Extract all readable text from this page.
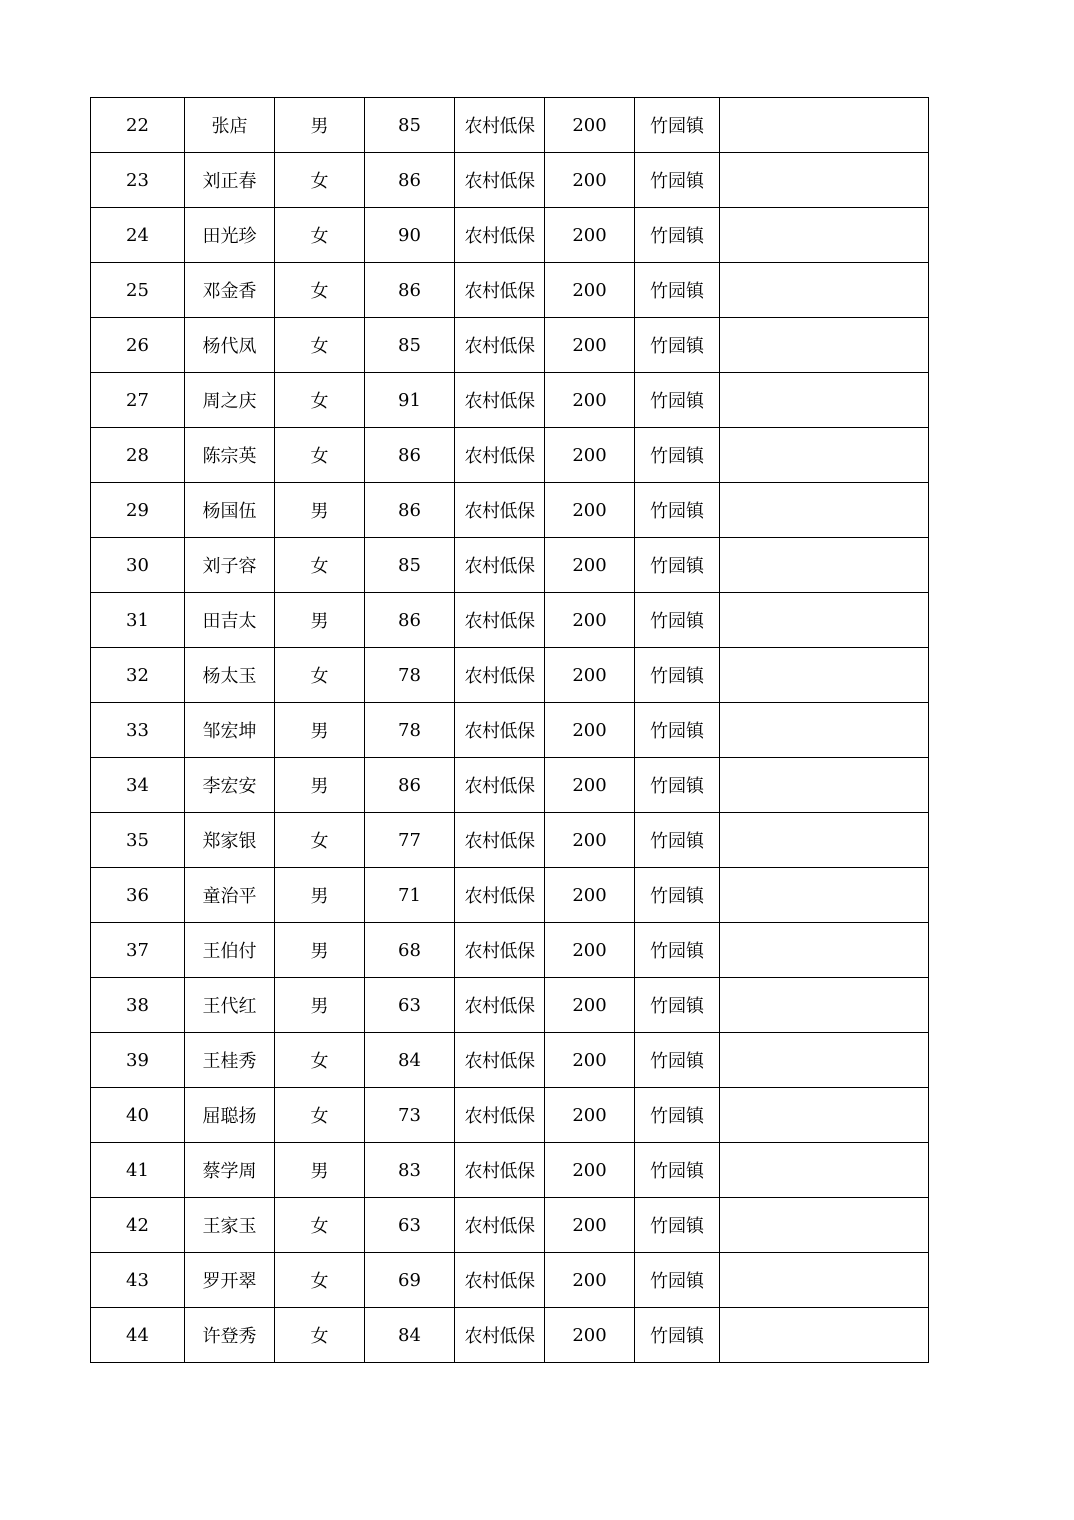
22	张店	男	85	农村低保	200	竹园镇	
23	刘正春	女	86	农村低保	200	竹园镇	
24	田光珍	女	90	农村低保	200	竹园镇	
25	邓金香	女	86	农村低保	200	竹园镇	
26	杨代凤	女	85	农村低保	200	竹园镇	
27	周之庆	女	91	农村低保	200	竹园镇	
28	陈宗英	女	86	农村低保	200	竹园镇	
29	杨国伍	男	86	农村低保	200	竹园镇	
30	刘子容	女	85	农村低保	200	竹园镇	
31	田吉太	男	86	农村低保	200	竹园镇	
32	杨太玉	女	78	农村低保	200	竹园镇	
33	邹宏坤	男	78	农村低保	200	竹园镇	
34	李宏安	男	86	农村低保	200	竹园镇	
35	郑家银	女	77	农村低保	200	竹园镇	
36	童治平	男	71	农村低保	200	竹园镇	
37	王伯付	男	68	农村低保	200	竹园镇	
38	王代红	男	63	农村低保	200	竹园镇	
39	王桂秀	女	84	农村低保	200	竹园镇	
40	屈聪扬	女	73	农村低保	200	竹园镇	
41	蔡学周	男	83	农村低保	200	竹园镇	
42	王家玉	女	63	农村低保	200	竹园镇	
43	罗开翠	女	69	农村低保	200	竹园镇	
44	许登秀	女	84	农村低保	200	竹园镇	
